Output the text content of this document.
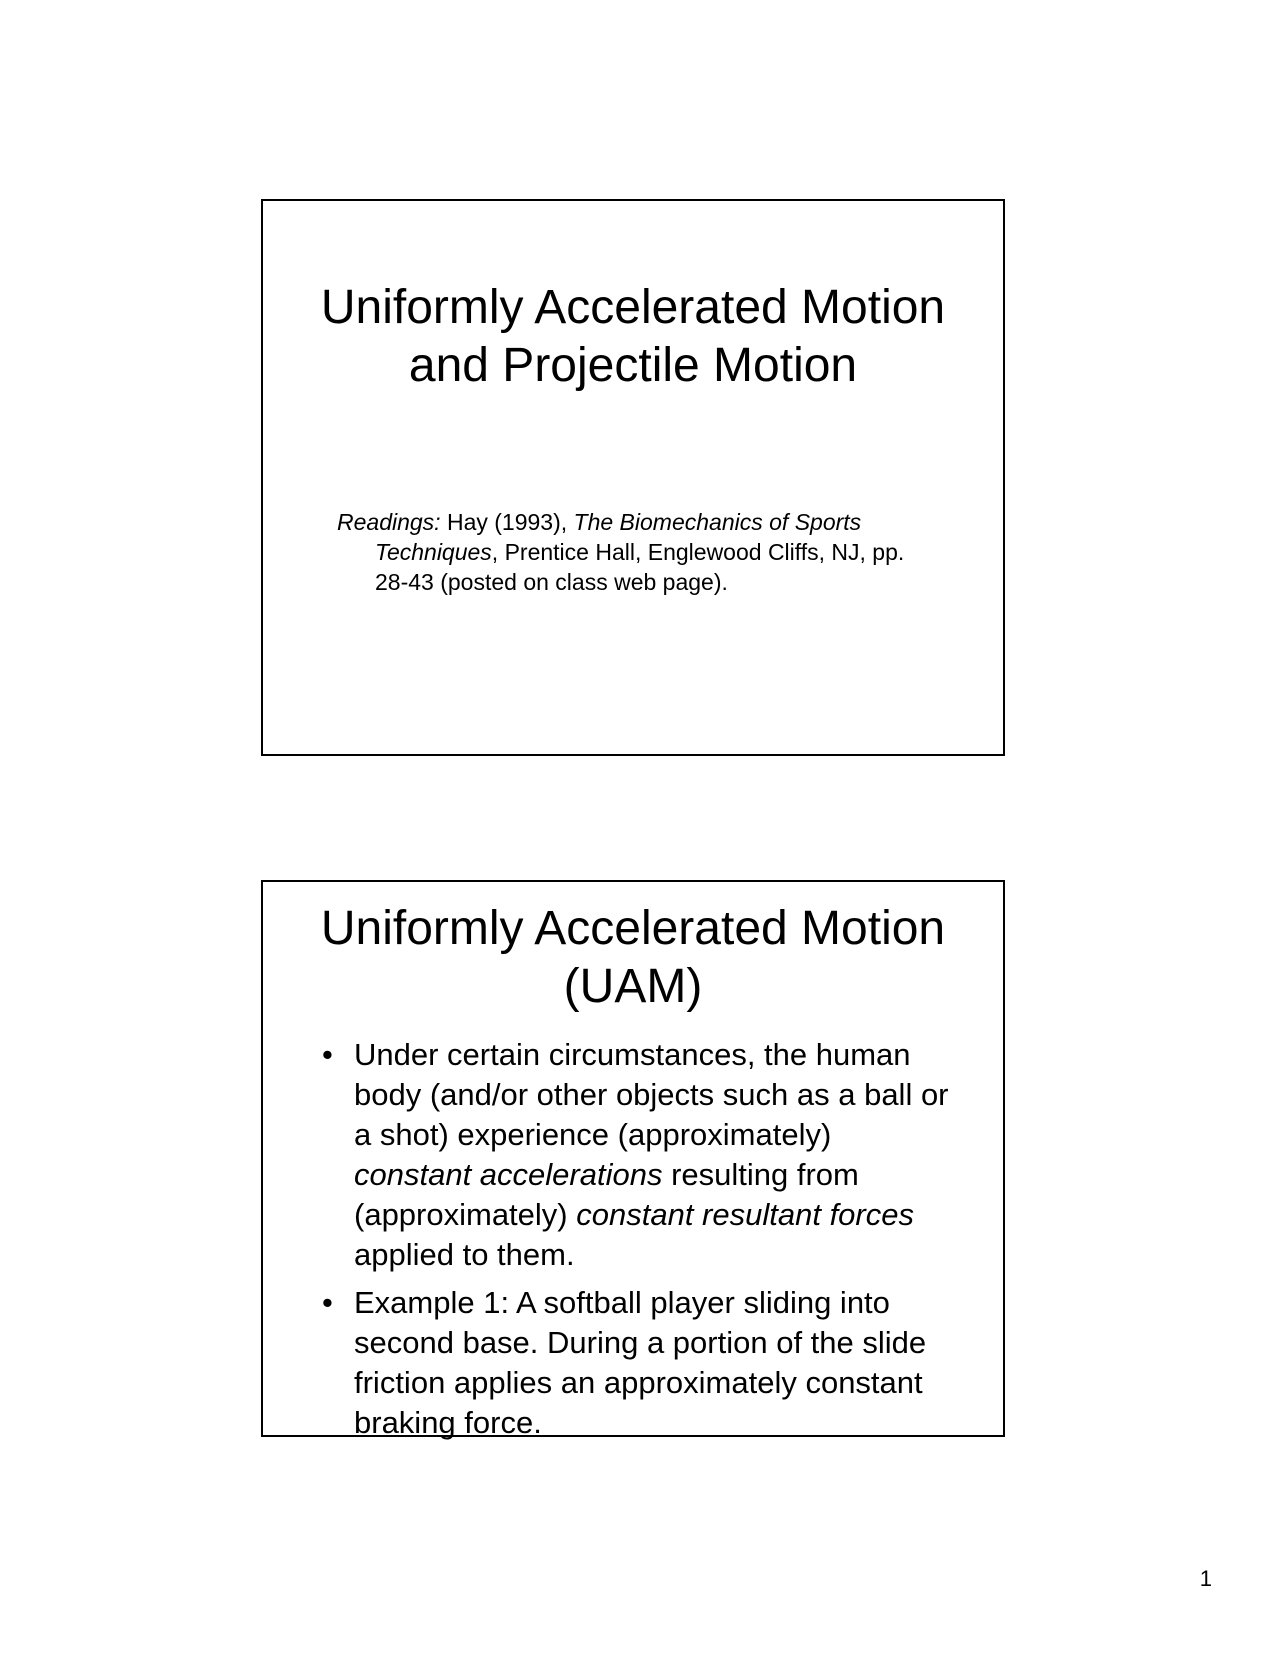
Uniformly Accelerated Motion
and Projectile Motion

Readings: Hay (1993), The Biomechanics of Sports Techniques, Prentice Hall, Englewood Cliffs, NJ, pp. 28-43 (posted on class web page).

Uniformly Accelerated Motion
(UAM)
• Under certain circumstances, the human body (and/or other objects such as a ball or a shot) experience (approximately) constant accelerations resulting from (approximately) constant resultant forces applied to them.
• Example 1: A softball player sliding into second base. During a portion of the slide friction applies an approximately constant braking force.
1
